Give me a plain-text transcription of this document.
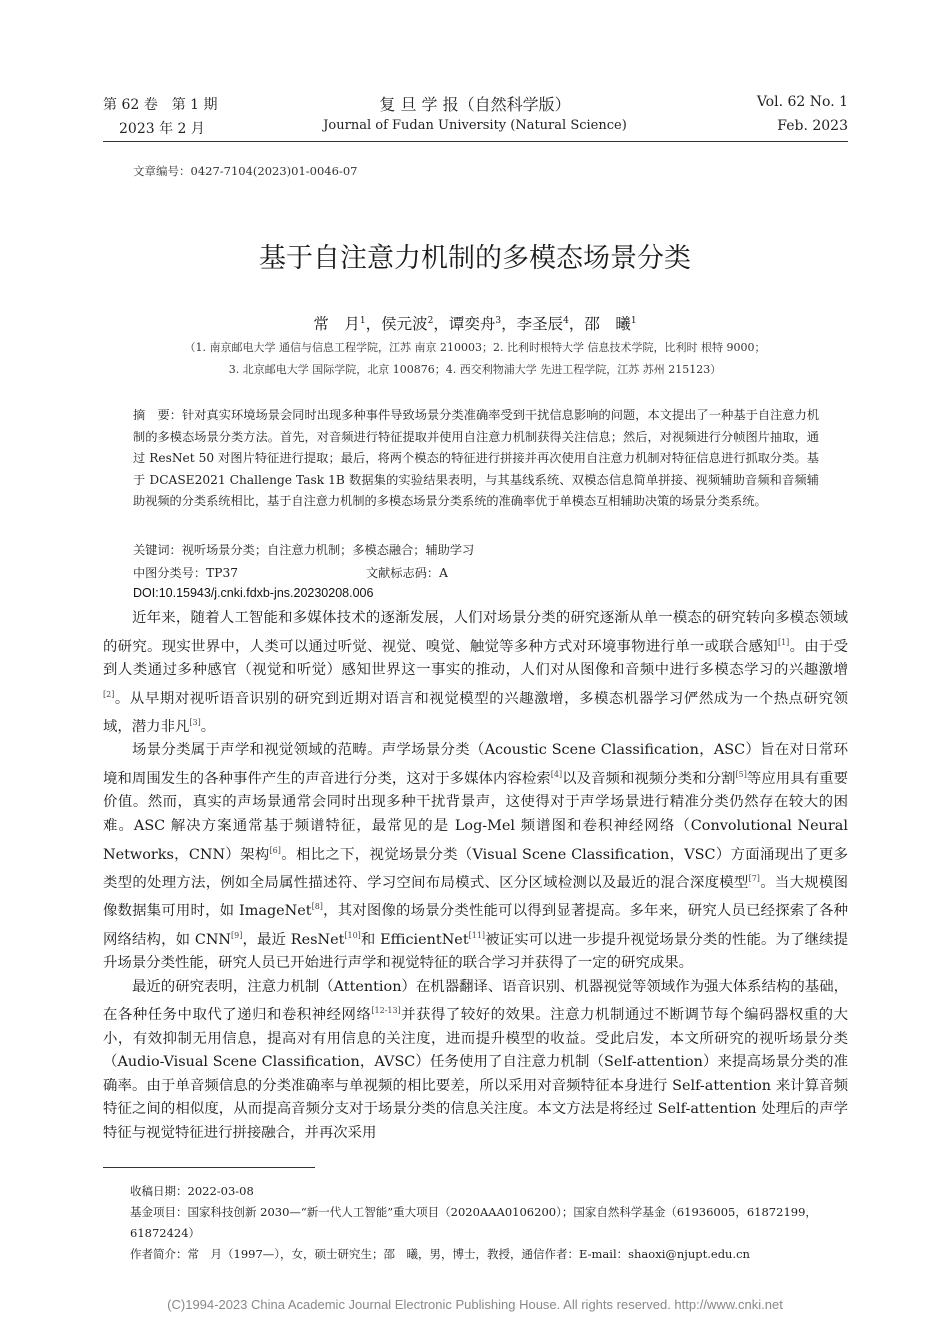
第 62 卷　第 1 期
2023 年 2 月
复 旦 学 报（自然科学版）
Journal of Fudan University (Natural Science)
Vol. 62 No. 1
Feb. 2023
文章编号：0427-7104(2023)01-0046-07
基于自注意力机制的多模态场景分类
常　月$^1$，侯元波$^2$，谭奕舟$^3$，李圣辰$^4$，邵　曦$^1$
（1. 南京邮电大学 通信与信息工程学院，江苏 南京 210003；2. 比利时根特大学 信息技术学院，比利时 根特 9000；
3. 北京邮电大学 国际学院，北京 100876；4. 西交利物浦大学 先进工程学院，江苏 苏州 215123）
摘　要：针对真实环境场景会同时出现多种事件导致场景分类准确率受到干扰信息影响的问题，本文提出了一种基于自注意力机制的多模态场景分类方法。首先，对音频进行特征提取并使用自注意力机制获得关注信息；然后，对视频进行分帧图片抽取，通过 ResNet 50 对图片特征进行提取；最后，将两个模态的特征进行拼接并再次使用自注意力机制对特征信息进行抓取分类。基于 DCASE2021 Challenge Task 1B 数据集的实验结果表明，与其基线系统、双模态信息简单拼接、视频辅助音频和音频辅助视频的分类系统相比，基于自注意力机制的多模态场景分类系统的准确率优于单模态互相辅助决策的场景分类系统。
关键词：视听场景分类；自注意力机制；多模态融合；辅助学习
中图分类号：TP37	文献标志码：A
DOI:10.15943/j.cnki.fdxb-jns.20230208.006

近年来，随着人工智能和多媒体技术的逐渐发展，人们对场景分类的研究逐渐从单一模态的研究转向多模态领域的研究。现实世界中，人类可以通过听觉、视觉、嗅觉、触觉等多种方式对环境事物进行单一或联合感知[1]。由于受到人类通过多种感官（视觉和听觉）感知世界这一事实的推动，人们对从图像和音频中进行多模态学习的兴趣激增[2]。从早期对视听语音识别的研究到近期对语言和视觉模型的兴趣激增，多模态机器学习俨然成为一个热点研究领域，潜力非凡[3]。

场景分类属于声学和视觉领域的范畴。声学场景分类（Acoustic Scene Classification，ASC）旨在对日常环境和周围发生的各种事件产生的声音进行分类，这对于多媒体内容检索[4]以及音频和视频分类和分割[5]等应用具有重要价值。然而，真实的声场景通常会同时出现多种干扰背景声，这使得对于声学场景进行精准分类仍然存在较大的困难。ASC 解决方案通常基于频谱特征，最常见的是 Log-Mel 频谱图和卷积神经网络（Convolutional Neural Networks，CNN）架构[6]。相比之下，视觉场景分类（Visual Scene Classification，VSC）方面涌现出了更多类型的处理方法，例如全局属性描述符、学习空间布局模式、区分区域检测以及最近的混合深度模型[7]。当大规模图像数据集可用时，如 ImageNet[8]，其对图像的场景分类性能可以得到显著提高。多年来，研究人员已经探索了各种网络结构，如 CNN[9]，最近 ResNet[10]和 EfficientNet[11]被证实可以进一步提升视觉场景分类的性能。为了继续提升场景分类性能，研究人员已开始进行声学和视觉特征的联合学习并获得了一定的研究成果。

最近的研究表明，注意力机制（Attention）在机器翻译、语音识别、机器视觉等领域作为强大体系结构的基础，在各种任务中取代了递归和卷积神经网络[12-13]并获得了较好的效果。注意力机制通过不断调节每个编码器权重的大小，有效抑制无用信息，提高对有用信息的关注度，进而提升模型的收益。受此启发，本文所研究的视听场景分类（Audio-Visual Scene Classification，AVSC）任务使用了自注意力机制（Self-attention）来提高场景分类的准确率。由于单音频信息的分类准确率与单视频的相比要差，所以采用对音频特征本身进行 Self-attention 来计算音频特征之间的相似度，从而提高音频分支对于场景分类的信息关注度。本文方法是将经过 Self-attention 处理后的声学特征与视觉特征进行拼接融合，并再次采用

收稿日期：2022-03-08
基金项目：国家科技创新 2030—“新一代人工智能”重大项目（2020AAA0106200）；国家自然科学基金（61936005，61872199，61872424）
作者简介：常　月（1997—），女，硕士研究生；邵　曦，男，博士，教授，通信作者：E-mail：shaoxi@njupt.edu.cn
(C)1994-2023 China Academic Journal Electronic Publishing House. All rights reserved. http://www.cnki.net
